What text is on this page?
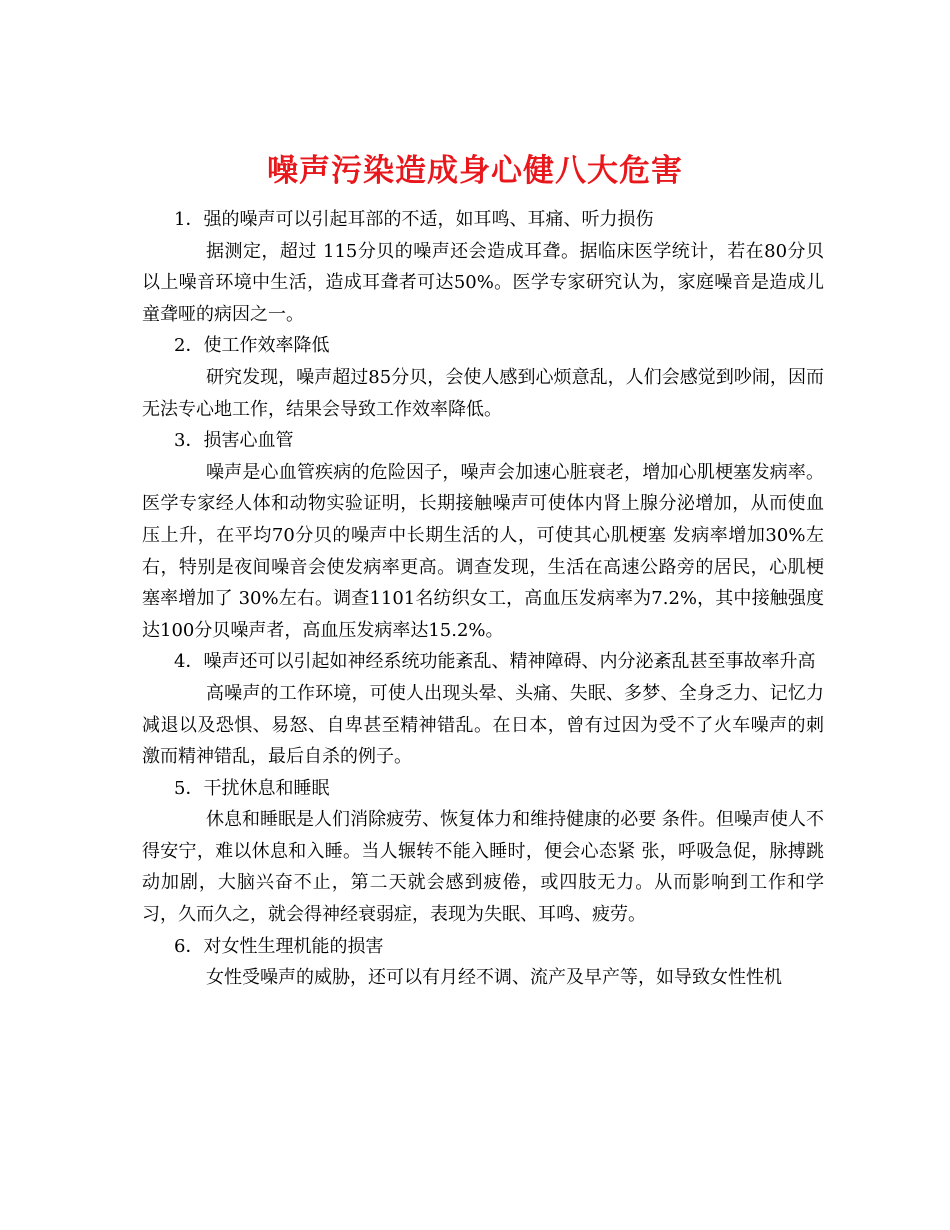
噪声污染造成身心健八大危害

1．强的噪声可以引起耳部的不适，如耳鸣、耳痛、听力损伤

据测定，超过 115分贝的噪声还会造成耳聋。据临床医学统计，若在80分贝以上噪音环境中生活，造成耳聋者可达50%。医学专家研究认为，家庭噪音是造成儿童聋哑的病因之一。

2．使工作效率降低

研究发现，噪声超过85分贝，会使人感到心烦意乱，人们会感觉到吵闹，因而无法专心地工作，结果会导致工作效率降低。

3．损害心血管

噪声是心血管疾病的危险因子，噪声会加速心脏衰老，增加心肌梗塞发病率。医学专家经人体和动物实验证明，长期接触噪声可使体内肾上腺分泌增加，从而使血压上升，在平均70分贝的噪声中长期生活的人，可使其心肌梗塞 发病率增加30%左右，特别是夜间噪音会使发病率更高。调查发现，生活在高速公路旁的居民，心肌梗塞率增加了 30%左右。调查1101名纺织女工，高血压发病率为7.2%，其中接触强度达100分贝噪声者，高血压发病率达15.2%。

4．噪声还可以引起如神经系统功能紊乱、精神障碍、内分泌紊乱甚至事故率升高

高噪声的工作环境，可使人出现头晕、头痛、失眠、多梦、全身乏力、记忆力减退以及恐惧、易怒、自卑甚至精神错乱。在日本，曾有过因为受不了火车噪声的刺激而精神错乱，最后自杀的例子。

5．干扰休息和睡眠

休息和睡眠是人们消除疲劳、恢复体力和维持健康的必要 条件。但噪声使人不得安宁，难以休息和入睡。当人辗转不能入睡时，便会心态紧 张，呼吸急促，脉搏跳动加剧，大脑兴奋不止，第二天就会感到疲倦，或四肢无力。从而影响到工作和学习，久而久之，就会得神经衰弱症，表现为失眠、耳鸣、疲劳。

6．对女性生理机能的损害

女性受噪声的威胁，还可以有月经不调、流产及早产等，如导致女性性机
